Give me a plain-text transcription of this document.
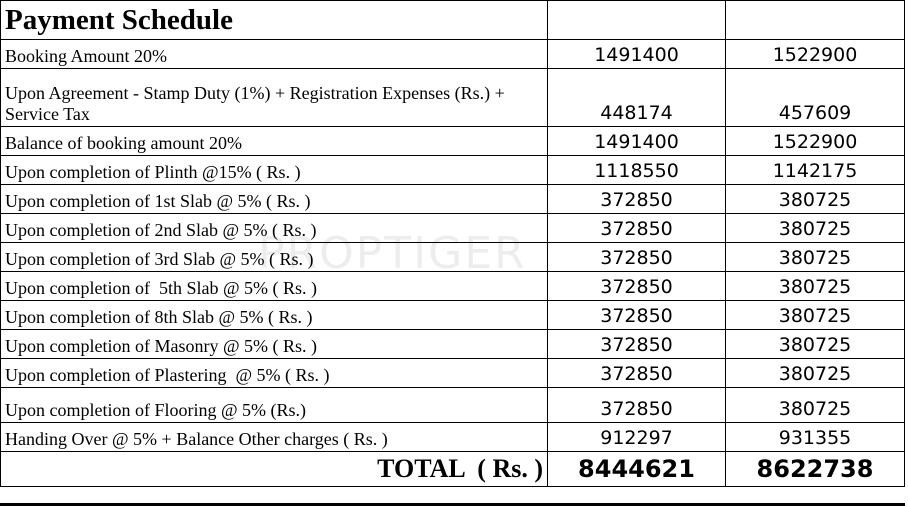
Payment Schedule		
Booking Amount 20%	1491400	1522900
Upon Agreement - Stamp Duty (1%) + Registration Expenses (Rs.) + Service Tax	448174	457609
Balance of booking amount 20%	1491400	1522900
Upon completion of Plinth @15% ( Rs. )	1118550	1142175
Upon completion of 1st Slab @ 5% ( Rs. )	372850	380725
Upon completion of 2nd Slab @ 5% ( Rs. )	372850	380725
Upon completion of 3rd Slab @ 5% ( Rs. )	372850	380725
Upon completion of  5th Slab @ 5% ( Rs. )	372850	380725
Upon completion of 8th Slab @ 5% ( Rs. )	372850	380725
Upon completion of Masonry @ 5% ( Rs. )	372850	380725
Upon completion of Plastering  @ 5% ( Rs. )	372850	380725
Upon completion of Flooring @ 5% (Rs.)	372850	380725
Handing Over @ 5% + Balance Other charges ( Rs. )	912297	931355
TOTAL  ( Rs. )	8444621	8622738
PROPTIGER
